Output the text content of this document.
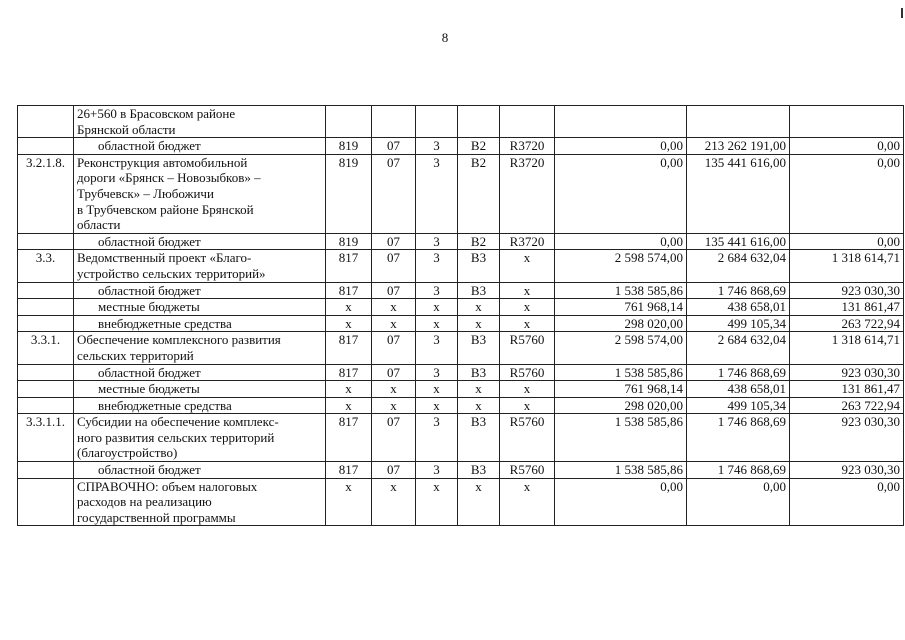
8
	26+560 в Брасовском районе
Брянской области								
	областной бюджет	819	07	3	В2	R3720	0,00	213 262 191,00	0,00
3.2.1.8.	Реконструкция автомобильной
дороги «Брянск – Новозыбков» –
Трубчевск» – Любожичи
в Трубчевском районе Брянской
области	819	07	3	В2	R3720	0,00	135 441 616,00	0,00
	областной бюджет	819	07	3	В2	R3720	0,00	135 441 616,00	0,00
3.3.	Ведомственный проект «Благо-
устройство сельских территорий»	817	07	3	В3	х	2 598 574,00	2 684 632,04	1 318 614,71
	областной бюджет	817	07	3	В3	х	1 538 585,86	1 746 868,69	923 030,30
	местные бюджеты	х	х	х	х	х	761 968,14	438 658,01	131 861,47
	внебюджетные средства	х	х	х	х	х	298 020,00	499 105,34	263 722,94
3.3.1.	Обеспечение комплексного развития
сельских территорий	817	07	3	В3	R5760	2 598 574,00	2 684 632,04	1 318 614,71
	областной бюджет	817	07	3	В3	R5760	1 538 585,86	1 746 868,69	923 030,30
	местные бюджеты	х	х	х	х	х	761 968,14	438 658,01	131 861,47
	внебюджетные средства	х	х	х	х	х	298 020,00	499 105,34	263 722,94
3.3.1.1.	Субсидии на обеспечение комплекс-
ного развития сельских территорий
(благоустройство)	817	07	3	В3	R5760	1 538 585,86	1 746 868,69	923 030,30
	областной бюджет	817	07	3	В3	R5760	1 538 585,86	1 746 868,69	923 030,30
	СПРАВОЧНО: объем налоговых
расходов на реализацию
государственной программы	х	х	х	х	х	0,00	0,00	0,00
